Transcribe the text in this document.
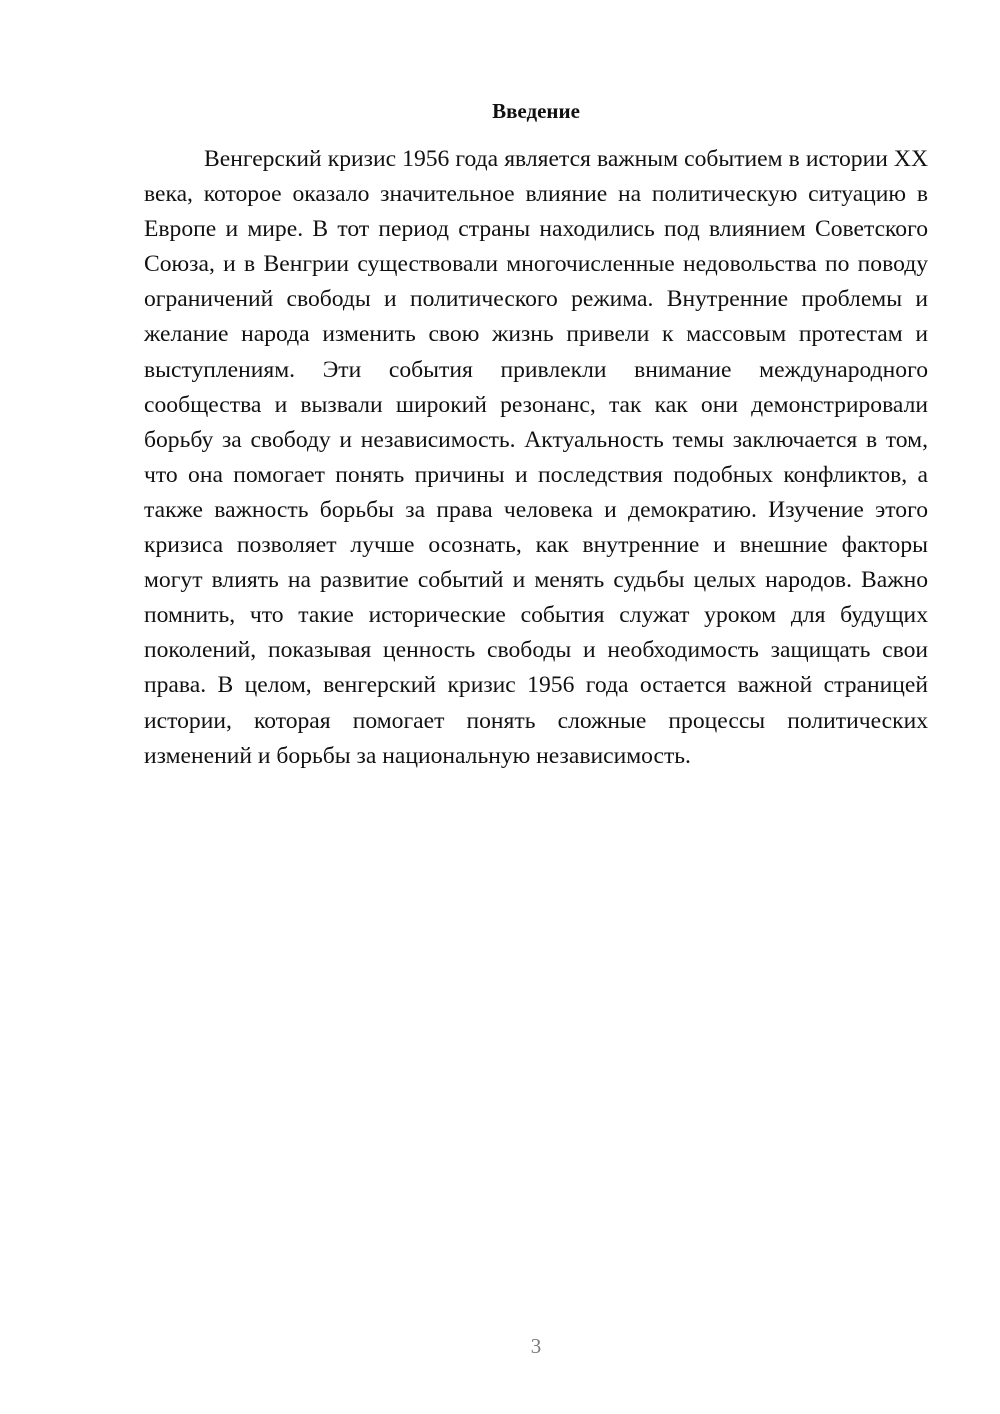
Введение

Венгерский кризис 1956 года является важным событием в истории XX века, которое оказало значительное влияние на политическую ситуацию в Европе и мире. В тот период страны находились под влиянием Советского Союза, и в Венгрии существовали многочисленные недовольства по поводу ограничений свободы и политического режима. Внутренние проблемы и желание народа изменить свою жизнь привели к массовым протестам и выступлениям. Эти события привлекли внимание международного сообщества и вызвали широкий резонанс, так как они демонстрировали борьбу за свободу и независимость. Актуальность темы заключается в том, что она помогает понять причины и последствия подобных конфликтов, а также важность борьбы за права человека и демократию. Изучение этого кризиса позволяет лучше осознать, как внутренние и внешние факторы могут влиять на развитие событий и менять судьбы целых народов. Важно помнить, что такие исторические события служат уроком для будущих поколений, показывая ценность свободы и необходимость защищать свои права. В целом, венгерский кризис 1956 года остается важной страницей истории, которая помогает понять сложные процессы политических изменений и борьбы за национальную независимость.

3
